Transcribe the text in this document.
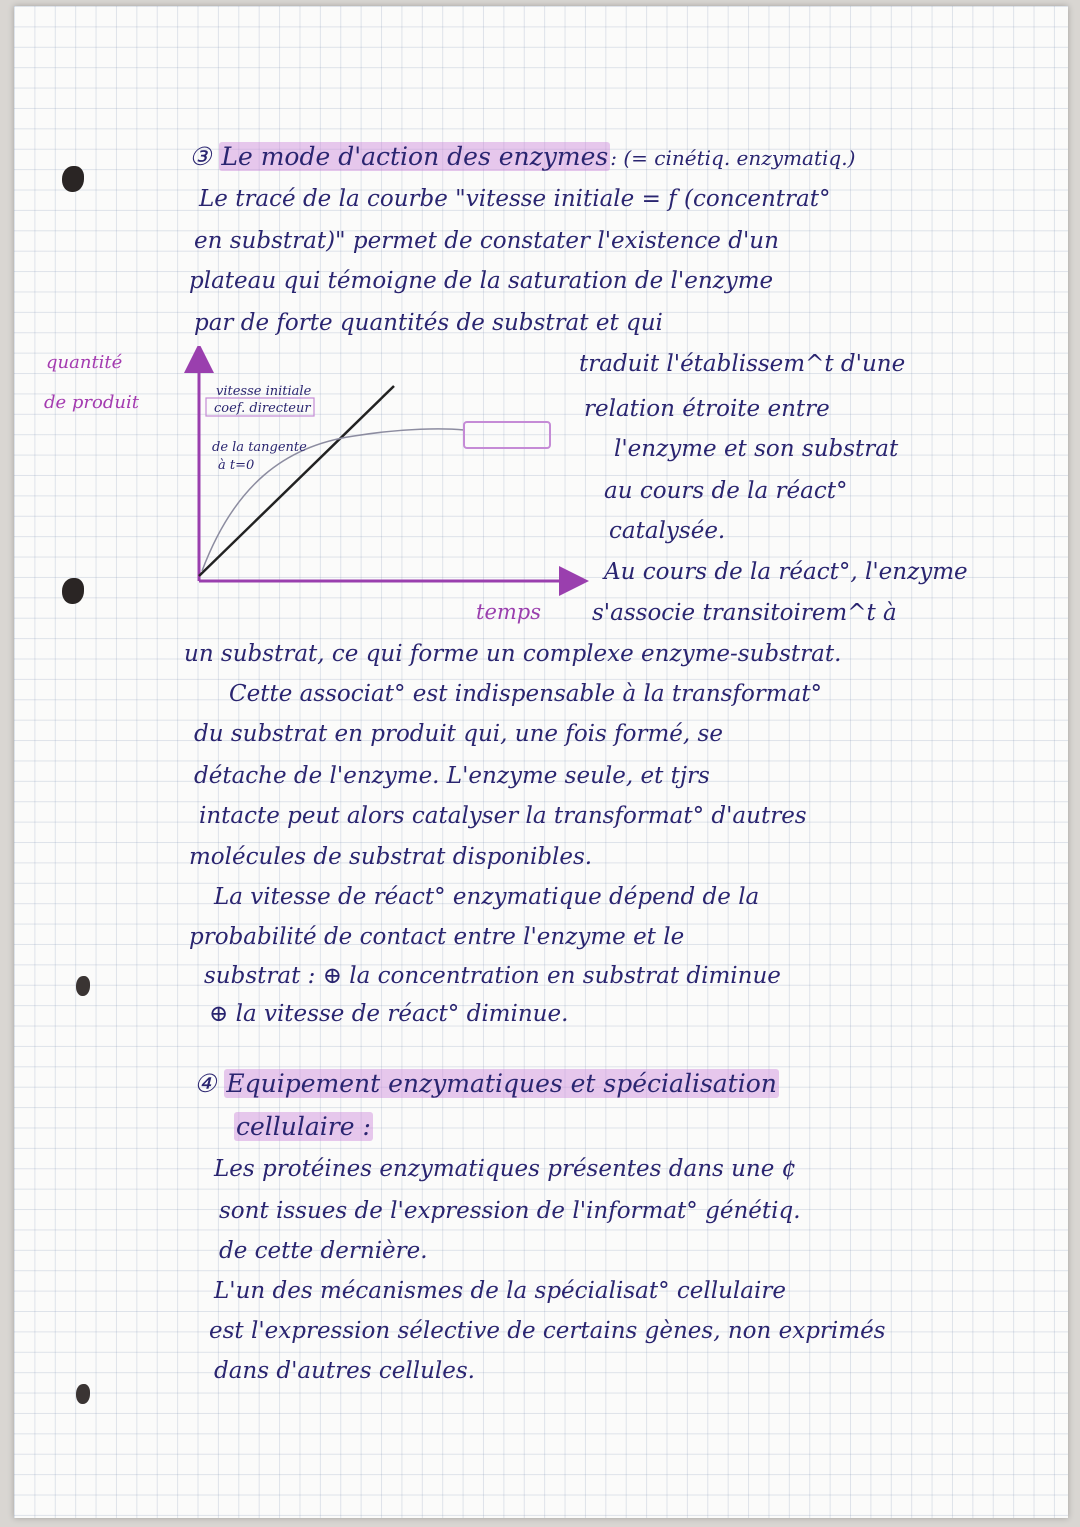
③ Le mode d'action des enzymes : (= cinétiq. enzymatiq.)
Le tracé de la courbe "vitesse initiale = f (concentrat°
en substrat)" permet de constater l'existence d'un
plateau qui témoigne de la saturation de l'enzyme
par de forte quantités de substrat et qui
traduit l'établissem^t d'une
relation étroite entre
l'enzyme et son substrat
au cours de la réact°
catalysée.
Au cours de la réact°, l'enzyme
s'associe transitoirem^t à
un substrat, ce qui forme un complexe enzyme-substrat.
Cette associat° est indispensable à la transformat°
du substrat en produit qui, une fois formé, se
détache de l'enzyme. L'enzyme seule, et tjrs
intacte peut alors catalyser la transformat° d'autres
molécules de substrat disponibles.
La vitesse de réact° enzymatique dépend de la
probabilité de contact entre l'enzyme et le
substrat : ⊕ la concentration en substrat diminue
⊕ la vitesse de réact° diminue.
quantité
de produit
vitesse initiale
coef. directeur
de la tangente
à t=0
temps
④ Equipement enzymatiques et spécialisation
cellulaire :
Les protéines enzymatiques présentes dans une ¢
sont issues de l'expression de l'informat° génétiq.
de cette dernière.
L'un des mécanismes de la spécialisat° cellulaire
est l'expression sélective de certains gènes, non exprimés
dans d'autres cellules.
